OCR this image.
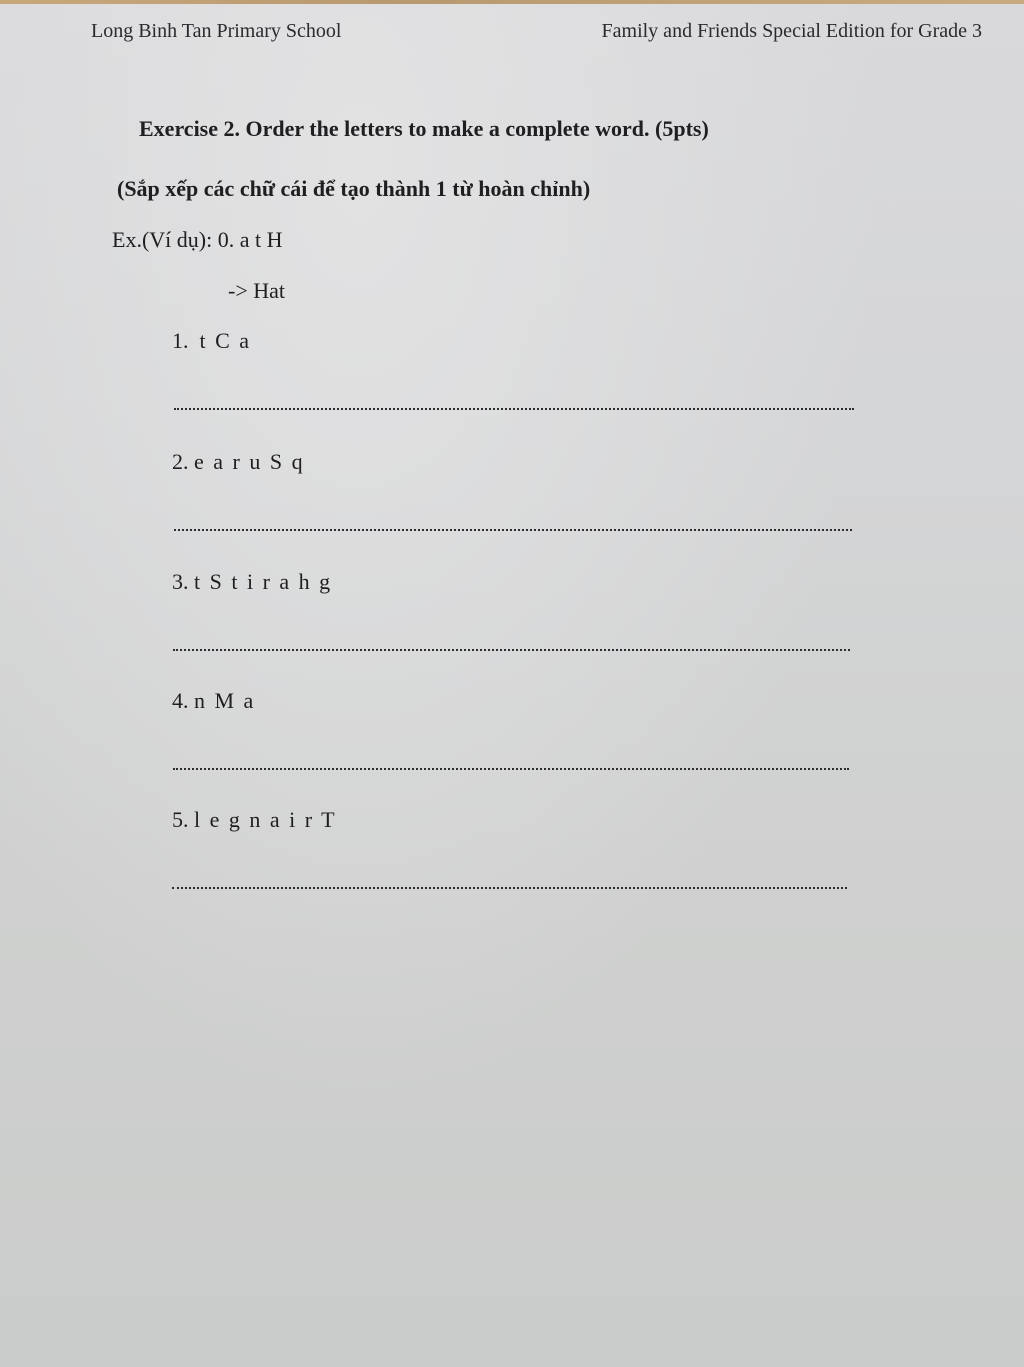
Long Binh Tan Primary School	Family and Friends Special Edition for Grade 3
Exercise 2. Order the letters to make a complete word. (5pts)
(Sắp xếp các chữ cái để tạo thành 1 từ hoàn chỉnh)
Ex.(Ví dụ): 0. a t H
-> Hat
1. t C a
2. e a r u S q
3. t S t i r a h g
4. n M a
5. l e g n a i r T
